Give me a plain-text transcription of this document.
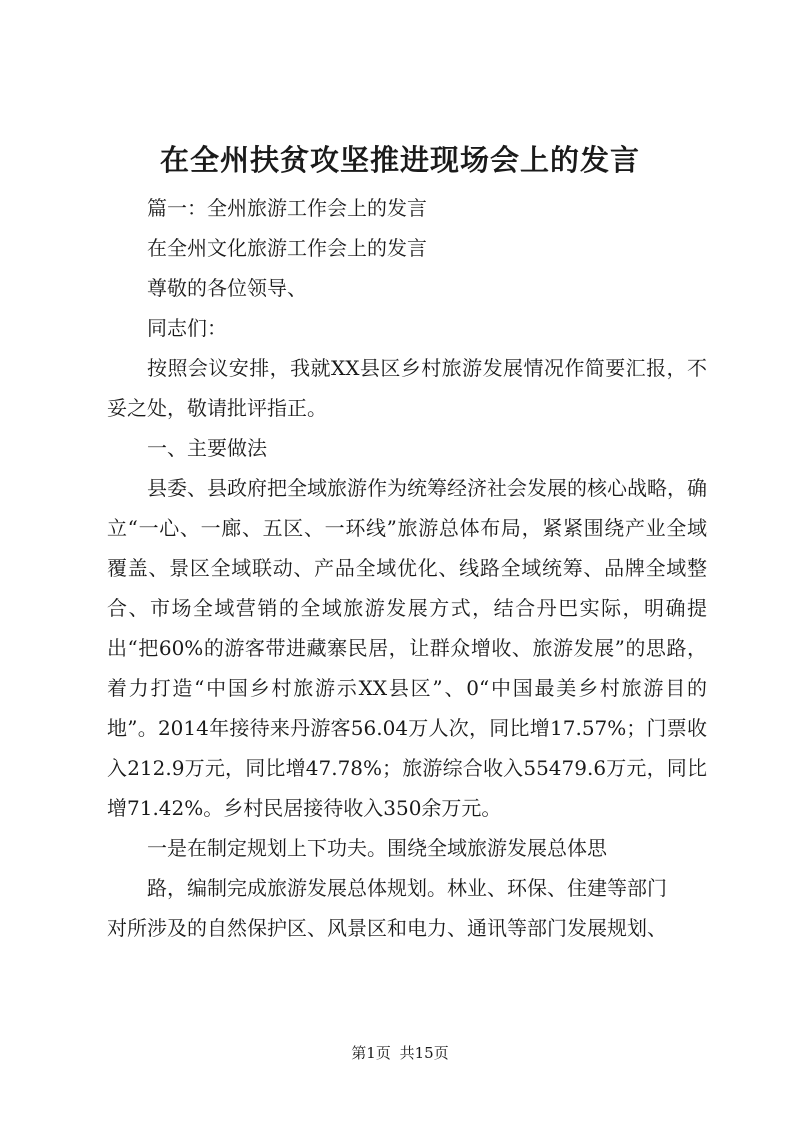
在全州扶贫攻坚推进现场会上的发言

篇一：全州旅游工作会上的发言

在全州文化旅游工作会上的发言

尊敬的各位领导、

同志们：

按照会议安排，我就XX县区乡村旅游发展情况作简要汇报，不妥之处，敬请批评指正。

一、主要做法

县委、县政府把全域旅游作为统筹经济社会发展的核心战略，确立“一心、一廊、五区、一环线”旅游总体布局，紧紧围绕产业全域覆盖、景区全域联动、产品全域优化、线路全域统筹、品牌全域整合、市场全域营销的全域旅游发展方式，结合丹巴实际，明确提出“把60%的游客带进藏寨民居，让群众增收、旅游发展”的思路，着力打造“中国乡村旅游示XX县区”、0“中国最美乡村旅游目的地”。2014年接待来丹游客56.04万人次，同比增17.57%；门票收入212.9万元，同比增47.78%；旅游综合收入55479.6万元，同比增71.42%。乡村民居接待收入350余万元。

一是在制定规划上下功夫。围绕全域旅游发展总体思

路，编制完成旅游发展总体规划。林业、环保、住建等部门

对所涉及的自然保护区、风景区和电力、通讯等部门发展规划、

第1页 共15页
